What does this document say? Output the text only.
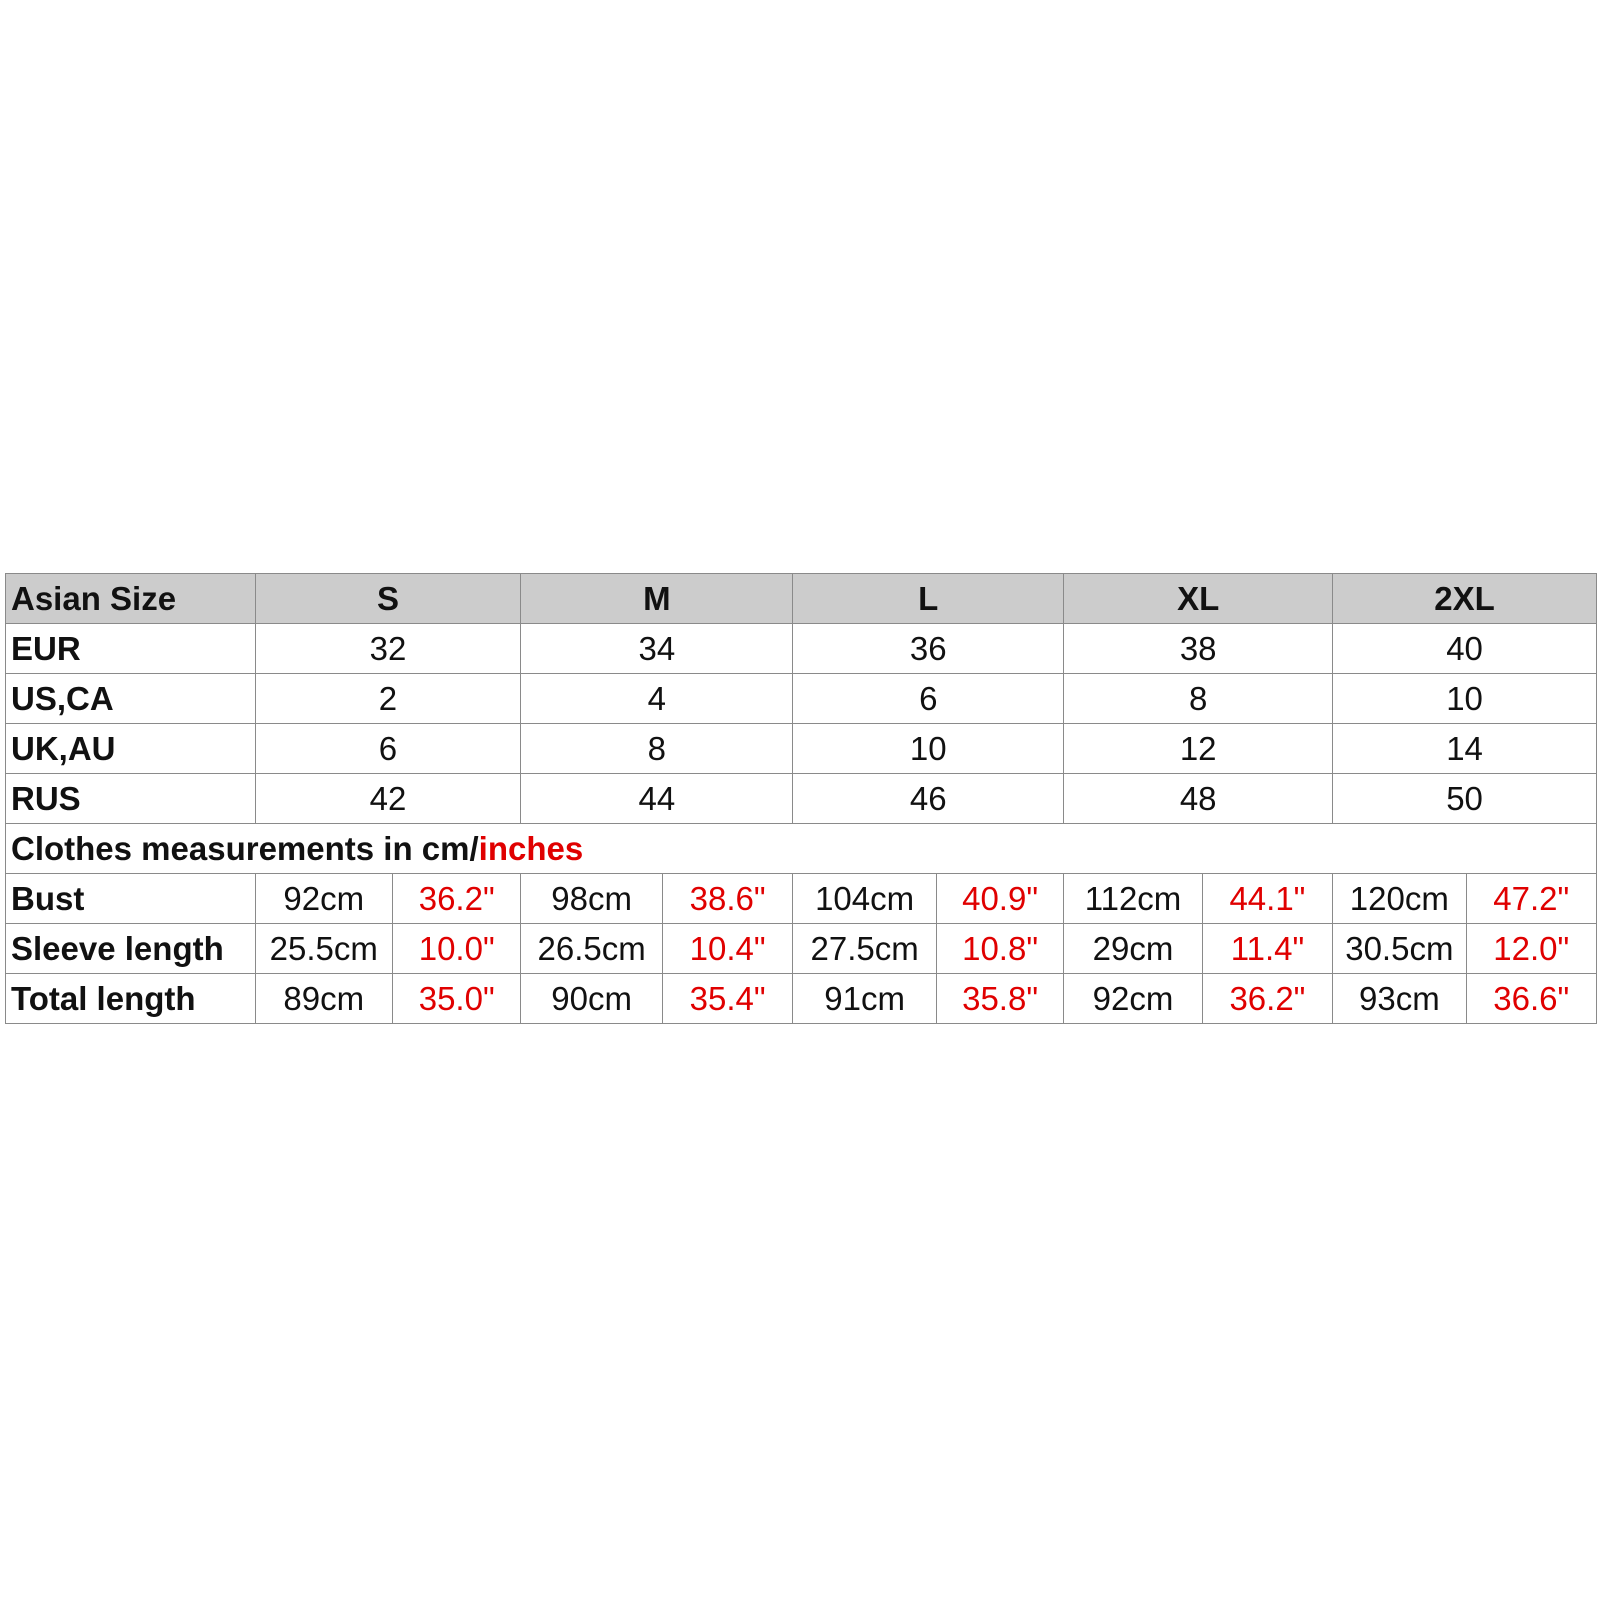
Asian Size	S		M		L		XL		2XL	
EUR	32		34		36		38		40	
US,CA	2		4		6		8		10	
UK,AU	6		8		10		12		14	
RUS	42		44		46		48		50	
Clothes measurements in cm/inches										
Bust	92cm	36.2"	98cm	38.6"	104cm	40.9"	112cm	44.1"	120cm	47.2"
Sleeve length	25.5cm	10.0"	26.5cm	10.4"	27.5cm	10.8"	29cm	11.4"	30.5cm	12.0"
Total length	89cm	35.0"	90cm	35.4"	91cm	35.8"	92cm	36.2"	93cm	36.6"
